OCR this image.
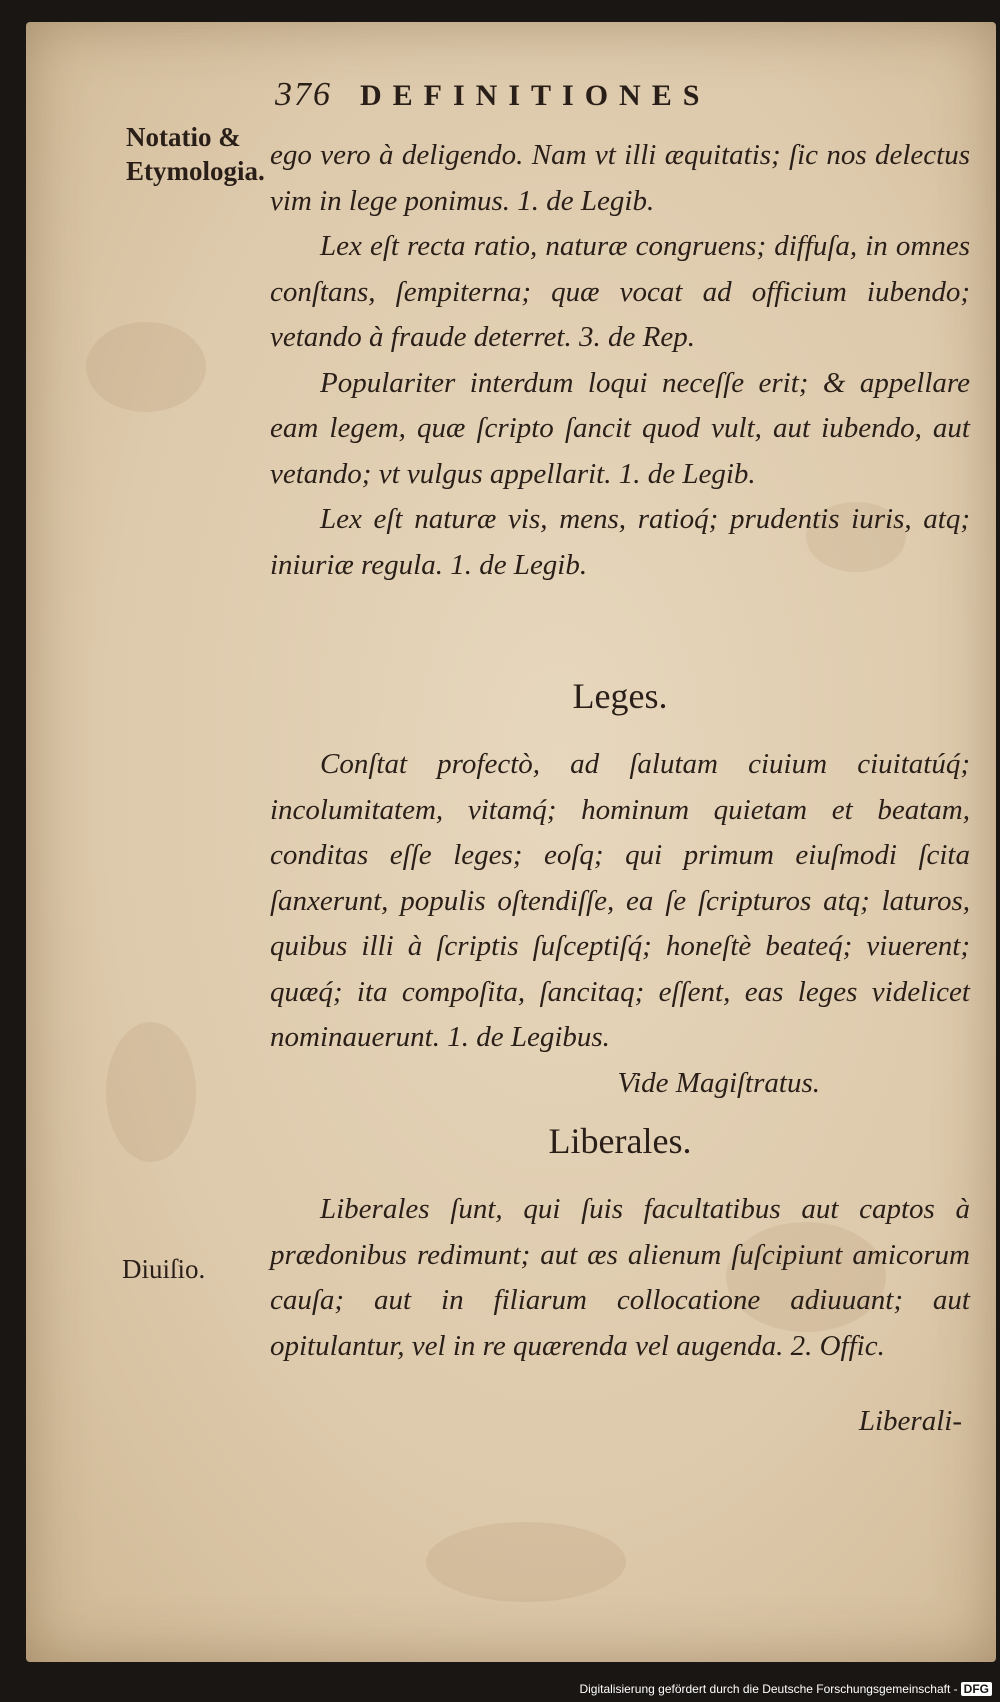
376 DEFINITIONES
Notatio & Etymologia. ego vero à deligendo. Nam vt illi æquitatis; ſic nos delectus vim in lege ponimus. 1. de Legib.

Lex eſt recta ratio, naturæ congruens; diffuſa, in omnes conſtans, ſempiterna; quæ vocat ad officium iubendo; vetando à fraude deterret. 3. de Rep.

Populariter interdum loqui neceſſe erit; & appellare eam legem, quæ ſcripto ſancit quod vult, aut iubendo, aut vetando; vt vulgus appellarit. 1. de Legib.

Lex eſt naturæ vis, mens, ratioq́; prudentis iuris, atq; iniuriæ regula. 1. de Legib.

Leges.

Conſtat profectò, ad ſalutam ciuium ciuitatúq́; incolumitatem, vitamq́; hominum quietam et beatam, conditas eſſe leges; eoſq; qui primum eiuſmodi ſcita ſanxerunt, populis oſtendiſſe, ea ſe ſcripturos atq; laturos, quibus illi à ſcriptis ſuſceptiſq́; honeſtè beateq́; viuerent; quæq́; ita compoſita, ſancitaq; eſſent, eas leges videlicet nominauerunt. 1. de Legibus.

Vide Magiſtratus.

Liberales.
Diuiſio.

Liberales ſunt, qui ſuis facultatibus aut captos à prædonibus redimunt; aut æs alienum ſuſcipiunt amicorum cauſa; aut in filiarum collocatione adiuuant; aut opitulantur, vel in re quærenda vel augenda. 2. Offic.

Liberali-
Digitalisierung gefördert durch die Deutsche Forschungsgemeinschaft - DFG
